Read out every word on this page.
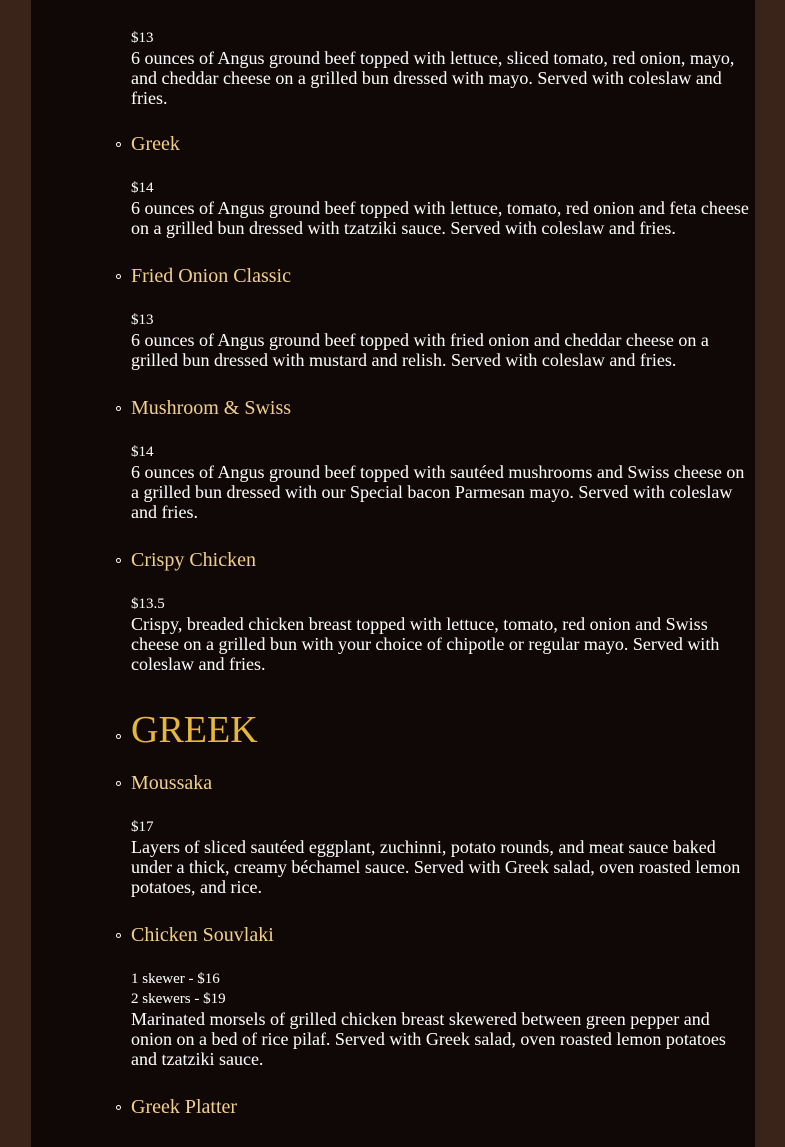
$13
6 ounces of Angus ground beef topped with lettuce, sliced tomato, red onion, mayo, and cheddar cheese on a grilled bun dressed with mayo. Served with coleslaw and fries.
Greek
$14
6 ounces of Angus ground beef topped with lettuce, tomato, red onion and feta cheese on a grilled bun dressed with tzatziki sauce. Served with coleslaw and fries.
Fried Onion Classic
$13
6 ounces of Angus ground beef topped with fried onion and cheddar cheese on a grilled bun dressed with mustard and relish. Served with coleslaw and fries.
Mushroom & Swiss
$14
6 ounces of Angus ground beef topped with sautéed mushrooms and Swiss cheese on a grilled bun dressed with our Special bacon Parmesan mayo. Served with coleslaw and fries.
Crispy Chicken
$13.5
Crispy, breaded chicken breast topped with lettuce, tomato, red onion and Swiss cheese on a grilled bun with your choice of chipotle or regular mayo. Served with coleslaw and fries.
GREEK
Moussaka
$17
Layers of sliced sautéed eggplant, zuchinni, potato rounds, and meat sauce baked under a thick, creamy béchamel sauce. Served with Greek salad, oven roasted lemon potatoes, and rice.
Chicken Souvlaki
1 skewer - $16
2 skewers - $19
Marinated morsels of grilled chicken breast skewered between green pepper and onion on a bed of rice pilaf. Served with Greek salad, oven roasted lemon potatoes and tzatziki sauce.
Greek Platter
